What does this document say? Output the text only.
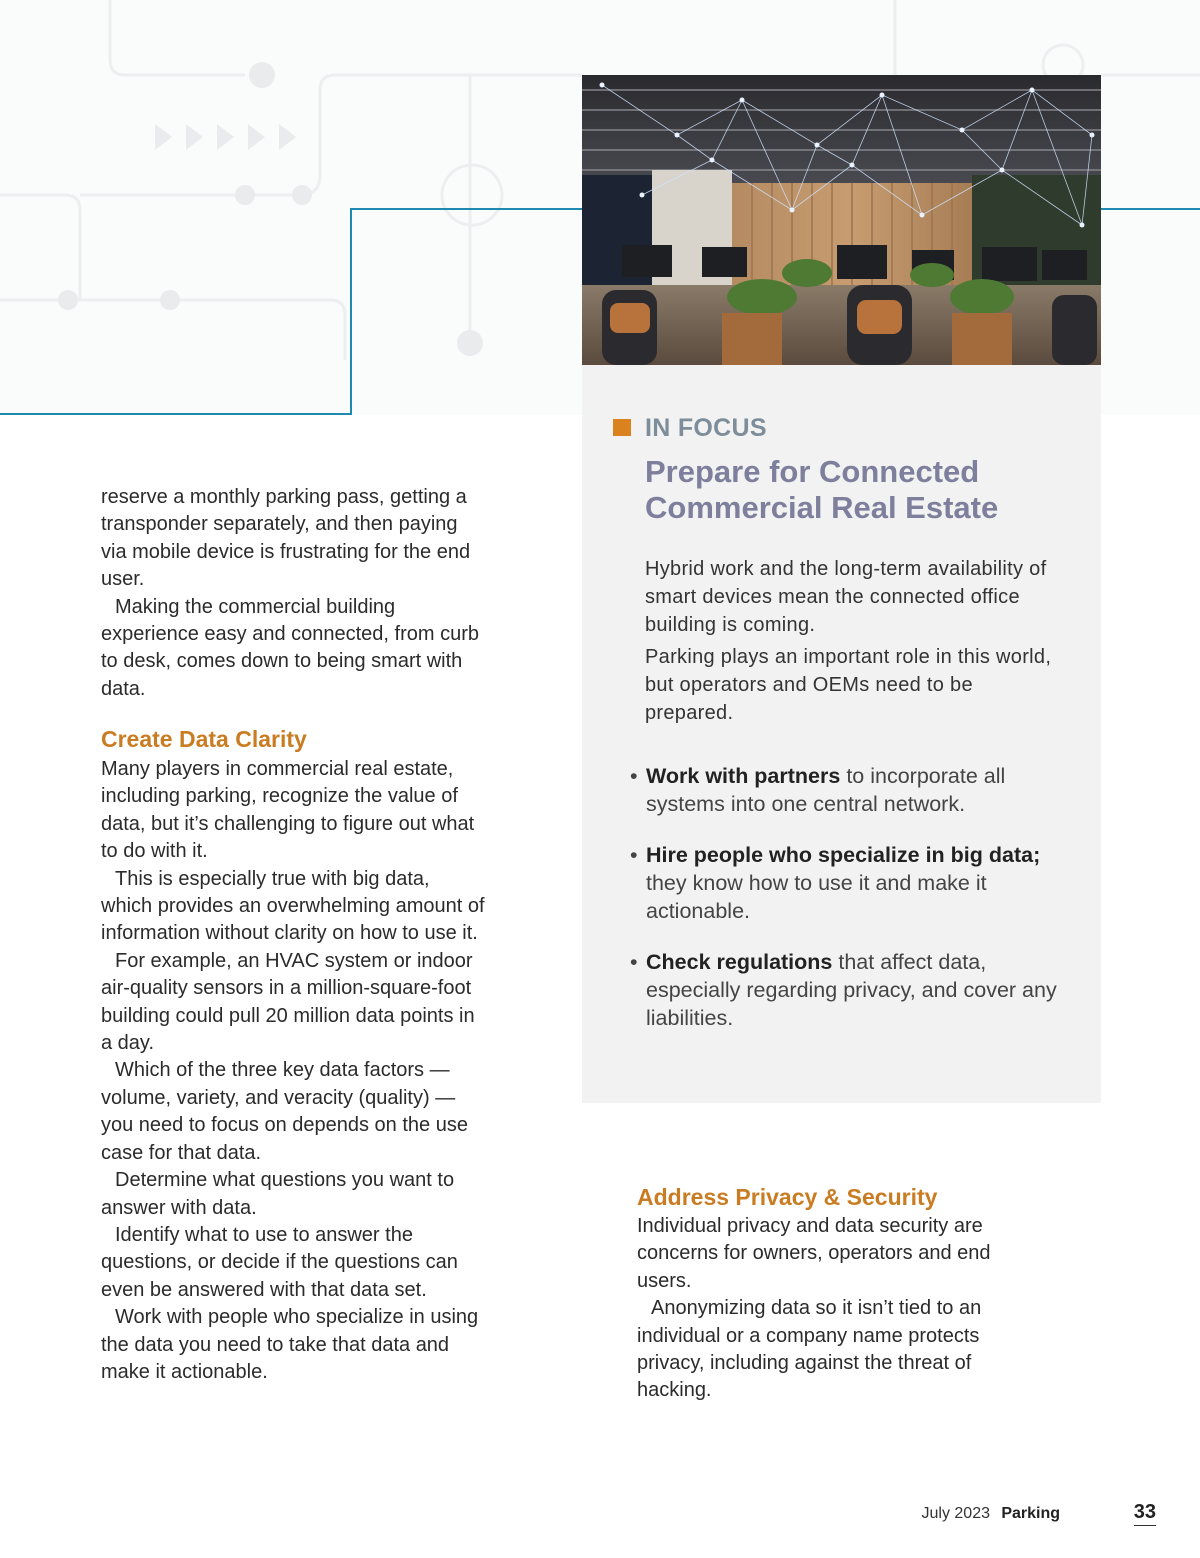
IN FOCUS
Prepare for Connected Commercial Real Estate

Hybrid work and the long-term availability of smart devices mean the connected office building is coming.

Parking plays an important role in this world, but operators and OEMs need to be prepared.

• Work with partners to incorporate all systems into one central network.
• Hire people who specialize in big data; they know how to use it and make it actionable.
• Check regulations that affect data, especially regarding privacy, and cover any liabilities.

reserve a monthly parking pass, getting a transponder separately, and then paying via mobile device is frustrating for the end user.

Making the commercial building experience easy and connected, from curb to desk, comes down to being smart with data.

Create Data Clarity

Many players in commercial real estate, including parking, recognize the value of data, but it’s challenging to figure out what to do with it.

This is especially true with big data, which provides an overwhelming amount of information without clarity on how to use it.

For example, an HVAC system or indoor air-quality sensors in a million-square-foot building could pull 20 million data points in a day.

Which of the three key data factors — volume, variety, and veracity (quality) — you need to focus on depends on the use case for that data.

Determine what questions you want to answer with data.

Identify what to use to answer the questions, or decide if the questions can even be answered with that data set.

Work with people who specialize in using the data you need to take that data and make it actionable.

Address Privacy & Security

Individual privacy and data security are concerns for owners, operators and end users.

Anonymizing data so it isn’t tied to an individual or a company name protects privacy, including against the threat of hacking.

July 2023 Parking	33
